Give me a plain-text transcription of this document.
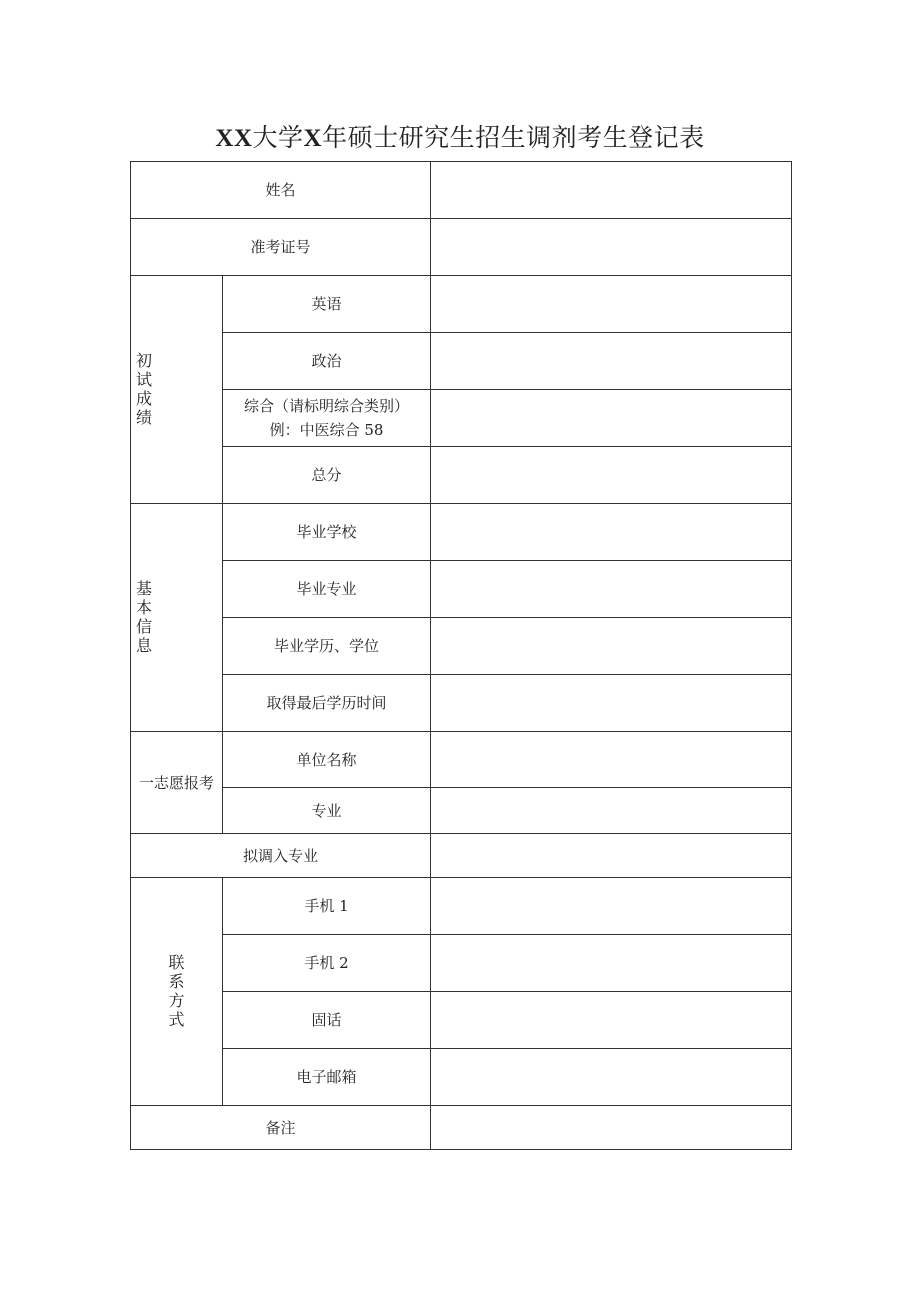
XX大学X年硕士研究生招生调剂考生登记表
姓名		
准考证号		
初试成绩	英语	
	政治	

	综合（请标明综合类别）
例：中医综合 58	

	总分	
基本信息	毕业学校	
	毕业专业	
	毕业学历、学位	
	取得最后学历时间	
一志愿报考	单位名称	
	专业	
拟调入专业		
联系方式	手机 1	
	手机 2	
	固话	
	电子邮箱	
备注		
